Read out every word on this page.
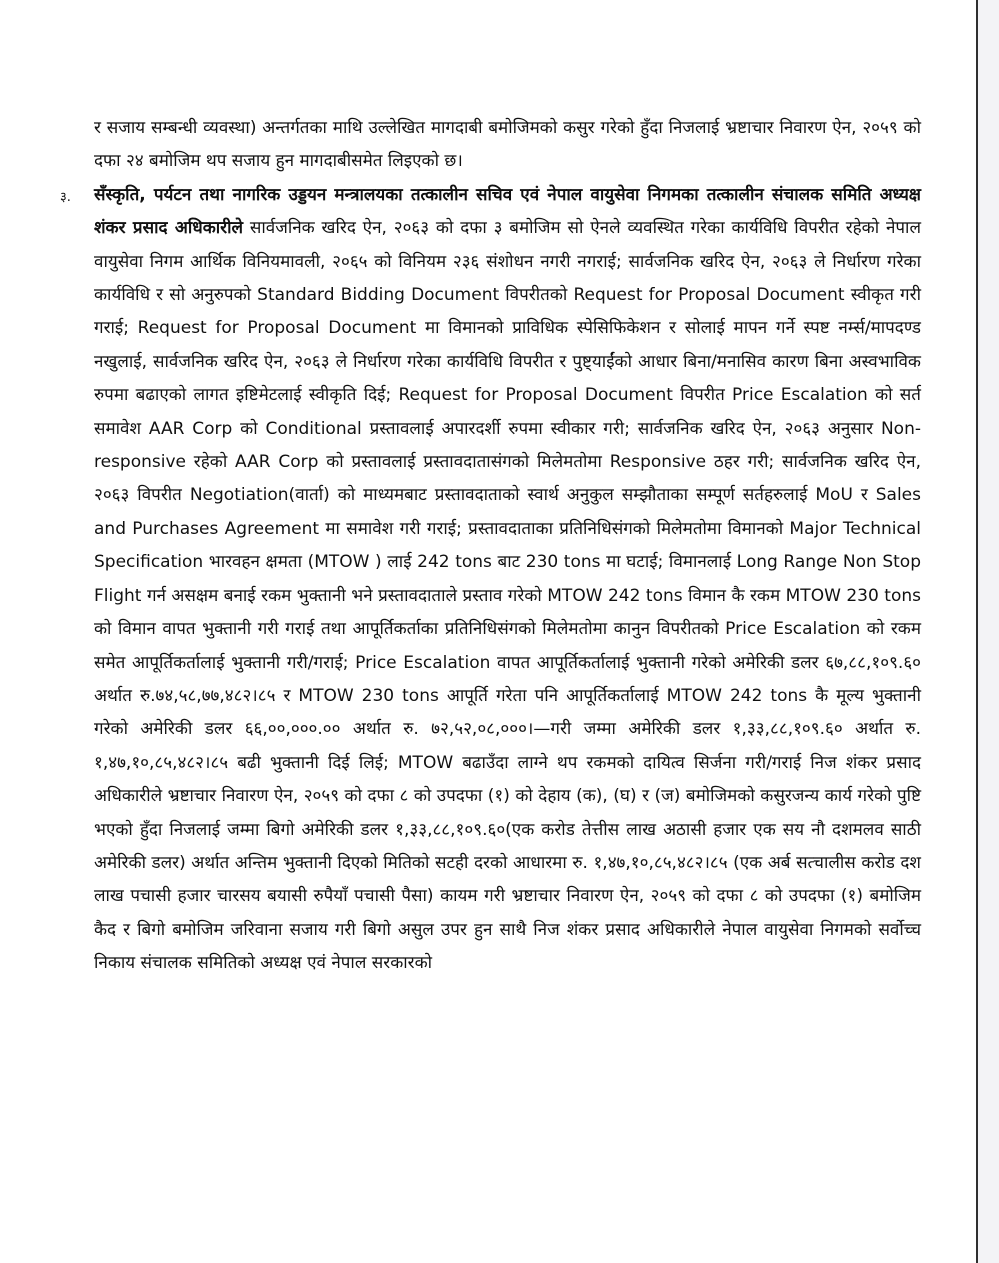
र सजाय सम्बन्धी व्यवस्था) अन्तर्गतका माथि उल्लेखित मागदाबी बमोजिमको कसुर गरेको हुँदा निजलाई भ्रष्टाचार निवारण ऐन, २०५९ को दफा २४ बमोजिम थप सजाय हुन मागदाबीसमेत लिइएको छ।

३. सँस्कृति, पर्यटन तथा नागरिक उड्डयन मन्त्रालयका तत्कालीन सचिव एवं नेपाल वायुसेवा निगमका तत्कालीन संचालक समिति अध्यक्ष शंकर प्रसाद अधिकारीले सार्वजनिक खरिद ऐन, २०६३ को दफा ३ बमोजिम सो ऐनले व्यवस्थित गरेका कार्यविधि विपरीत रहेको नेपाल वायुसेवा निगम आर्थिक विनियमावली, २०६५ को विनियम २३६ संशोधन नगरी नगराई; सार्वजनिक खरिद ऐन, २०६३ ले निर्धारण गरेका कार्यविधि र सो अनुरुपको Standard Bidding Document विपरीतको Request for Proposal Document स्वीकृत गरी गराई; Request for Proposal Document मा विमानको प्राविधिक स्पेसिफिकेशन र सोलाई मापन गर्ने स्पष्ट नर्म्स/मापदण्ड नखुलाई, सार्वजनिक खरिद ऐन, २०६३ ले निर्धारण गरेका कार्यविधि विपरीत र पुष्ट्याईंको आधार बिना/मनासिव कारण बिना अस्वभाविक रुपमा बढाएको लागत इष्टिमेटलाई स्वीकृति दिई; Request for Proposal Document विपरीत Price Escalation को सर्त समावेश AAR Corp को Conditional प्रस्तावलाई अपारदर्शी रुपमा स्वीकार गरी; सार्वजनिक खरिद ऐन, २०६३ अनुसार Non-responsive रहेको AAR Corp को प्रस्तावलाई प्रस्तावदातासंगको मिलेमतोमा Responsive ठहर गरी; सार्वजनिक खरिद ऐन, २०६३ विपरीत Negotiation(वार्ता) को माध्यमबाट प्रस्तावदाताको स्वार्थ अनुकुल सम्झौताका सम्पूर्ण सर्तहरुलाई MoU र Sales and Purchases Agreement मा समावेश गरी गराई; प्रस्तावदाताका प्रतिनिधिसंगको मिलेमतोमा विमानको Major Technical Specification भारवहन क्षमता (MTOW ) लाई 242 tons बाट 230 tons मा घटाई; विमानलाई Long Range Non Stop Flight गर्न असक्षम बनाई रकम भुक्तानी भने प्रस्तावदाताले प्रस्ताव गरेको MTOW 242 tons विमान कै रकम MTOW 230 tons को विमान वापत भुक्तानी गरी गराई तथा आपूर्तिकर्ताका प्रतिनिधिसंगको मिलेमतोमा कानुन विपरीतको Price Escalation को रकम समेत आपूर्तिकर्तालाई भुक्तानी गरी/गराई; Price Escalation वापत आपूर्तिकर्तालाई भुक्तानी गरेको अमेरिकी डलर ६७,८८,१०९.६० अर्थात रु.७४,५८,७७,४८२।८५ र MTOW 230 tons आपूर्ति गरेता पनि आपूर्तिकर्तालाई MTOW 242 tons कै मूल्य भुक्तानी गरेको अमेरिकी डलर ६६,००,०००.०० अर्थात रु. ७२,५२,०८,०००।—गरी जम्मा अमेरिकी डलर १,३३,८८,१०९.६० अर्थात रु. १,४७,१०,८५,४८२।८५ बढी भुक्तानी दिई लिई; MTOW बढाउँदा लाग्ने थप रकमको दायित्व सिर्जना गरी/गराई निज शंकर प्रसाद अधिकारीले भ्रष्टाचार निवारण ऐन, २०५९ को दफा ८ को उपदफा (१) को देहाय (क), (घ) र (ज) बमोजिमको कसुरजन्य कार्य गरेको पुष्टि भएको हुँदा निजलाई जम्मा बिगो अमेरिकी डलर १,३३,८८,१०९.६०(एक करोड तेत्तीस लाख अठासी हजार एक सय नौ दशमलव साठी अमेरिकी डलर) अर्थात अन्तिम भुक्तानी दिएको मितिको सटही दरको आधारमा रु. १,४७,१०,८५,४८२।८५ (एक अर्ब सत्चालीस करोड दश लाख पचासी हजार चारसय बयासी रुपैयाँ पचासी पैसा) कायम गरी भ्रष्टाचार निवारण ऐन, २०५९ को दफा ८ को उपदफा (१) बमोजिम कैद र बिगो बमोजिम जरिवाना सजाय गरी बिगो असुल उपर हुन साथै निज शंकर प्रसाद अधिकारीले नेपाल वायुसेवा निगमको सर्वोच्च निकाय संचालक समितिको अध्यक्ष एवं नेपाल सरकारको
